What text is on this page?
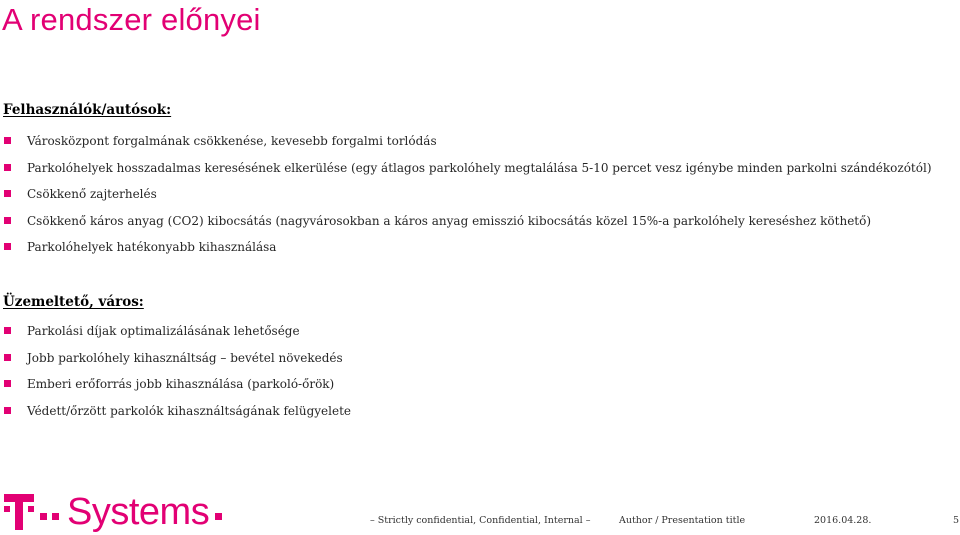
A rendszer előnyei
Felhasználók/autósok:
Városközpont forgalmának csökkenése, kevesebb forgalmi torlódás
Parkolóhelyek hosszadalmas keresésének elkerülése (egy átlagos parkolóhely megtalálása 5-10 percet vesz igénybe minden parkolni szándékozótól)
Csökkenő zajterhelés
Csökkenő káros anyag (CO2) kibocsátás (nagyvárosokban a káros anyag emisszió kibocsátás közel 15%-a parkolóhely kereséshez köthető)
Parkolóhelyek hatékonyabb kihasználása
Üzemeltető, város:
Parkolási díjak optimalizálásának lehetősége
Jobb parkolóhely kihasználtság – bevétel növekedés
Emberi erőforrás jobb kihasználása (parkoló-őrök)
Védett/őrzött parkolók kihasználtságának felügyelete
Systems	– Strictly confidential, Confidential, Internal –	Author / Presentation title	2016.04.28.	5
